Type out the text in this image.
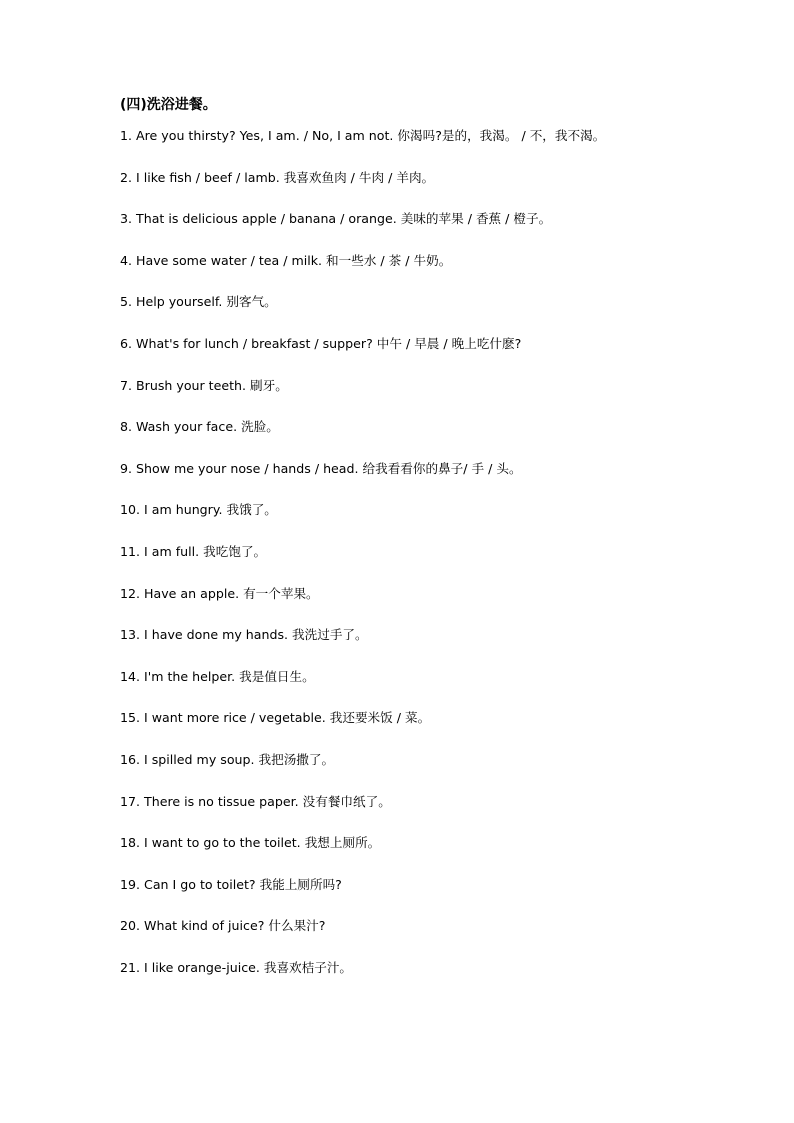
(四)洗浴进餐。
1. Are you thirsty? Yes, I am. / No, I am not. 你渴吗?是的，我渴。 / 不，我不渴。
2. I like fish / beef / lamb. 我喜欢鱼肉 / 牛肉 / 羊肉。
3. That is delicious apple / banana / orange. 美味的苹果 / 香蕉 / 橙子。
4. Have some water / tea / milk. 和一些水 / 茶 / 牛奶。
5. Help yourself. 别客气。
6. What's for lunch / breakfast / supper? 中午 / 早晨 / 晚上吃什麽?
7. Brush your teeth. 刷牙。
8. Wash your face. 洗脸。
9. Show me your nose / hands / head. 给我看看你的鼻子/ 手 / 头。
10. I am hungry. 我饿了。
11. I am full. 我吃饱了。
12. Have an apple. 有一个苹果。
13. I have done my hands. 我洗过手了。
14. I'm the helper. 我是值日生。
15. I want more rice / vegetable. 我还要米饭 / 菜。
16. I spilled my soup. 我把汤撒了。
17. There is no tissue paper. 没有餐巾纸了。
18. I want to go to the toilet. 我想上厕所。
19. Can I go to toilet? 我能上厕所吗?
20. What kind of juice? 什么果汁?
21. I like orange-juice. 我喜欢桔子汁。
